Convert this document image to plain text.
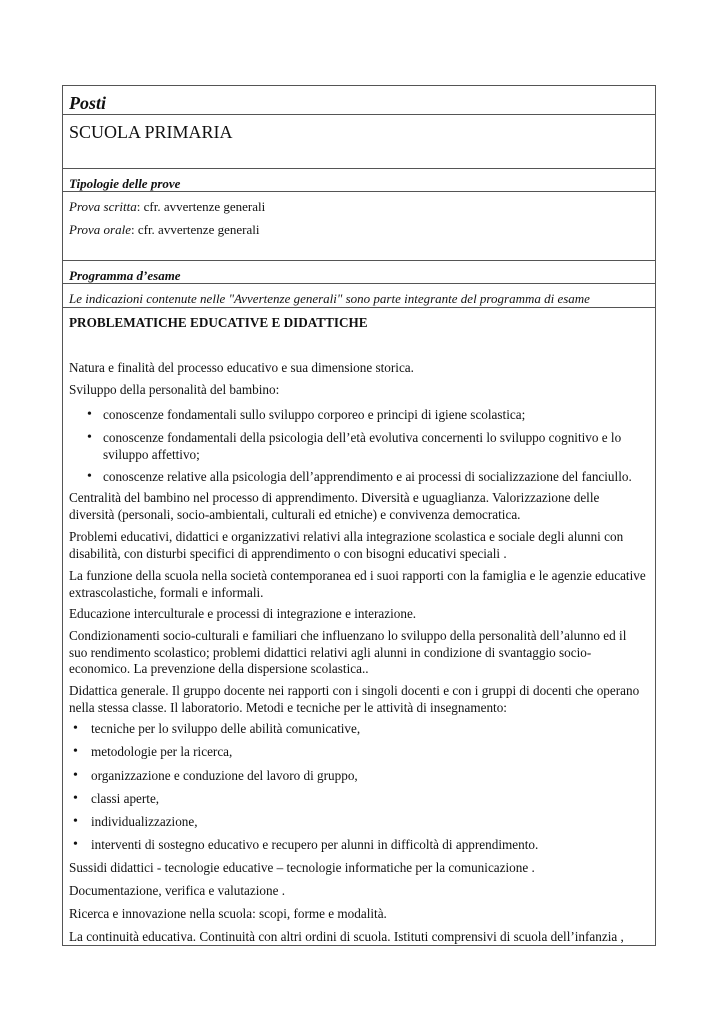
Posti
SCUOLA PRIMARIA
Tipologie delle prove
Prova scritta: cfr. avvertenze generali
Prova orale: cfr. avvertenze generali
Programma d’esame
Le indicazioni contenute nelle "Avvertenze generali" sono parte integrante del programma di esame
PROBLEMATICHE EDUCATIVE E DIDATTICHE
Natura e finalità del processo educativo e sua dimensione storica.
Sviluppo della personalità del bambino:
• conoscenze fondamentali sullo sviluppo corporeo e principi di igiene scolastica;
• conoscenze fondamentali della psicologia dell’età evolutiva concernenti lo sviluppo cognitivo e lo sviluppo affettivo;
• conoscenze relative alla psicologia dell’apprendimento e ai processi di socializzazione del fanciullo.
Centralità del bambino nel processo di apprendimento. Diversità e uguaglianza. Valorizzazione delle diversità (personali, socio-ambientali, culturali ed etniche) e convivenza democratica.
Problemi educativi, didattici e organizzativi relativi alla integrazione scolastica e sociale degli alunni con disabilità, con disturbi specifici di apprendimento o con bisogni educativi speciali .
La funzione della scuola nella società contemporanea ed i suoi rapporti con la famiglia e le agenzie educative extrascolastiche, formali e informali.
Educazione interculturale e processi di integrazione e interazione.
Condizionamenti socio-culturali e familiari che influenzano lo sviluppo della personalità dell’alunno ed il suo rendimento scolastico; problemi didattici relativi agli alunni in condizione di svantaggio socio-economico. La prevenzione della dispersione scolastica..
Didattica generale. Il gruppo docente nei rapporti con i singoli docenti e con i gruppi di docenti che operano nella stessa classe. Il laboratorio. Metodi e tecniche per le attività di insegnamento:
• tecniche per lo sviluppo delle abilità comunicative,
• metodologie per la ricerca,
• organizzazione e conduzione del lavoro di gruppo,
• classi aperte,
• individualizzazione,
• interventi di sostegno educativo e recupero per alunni in difficoltà di apprendimento.
Sussidi didattici - tecnologie educative – tecnologie informatiche per la comunicazione .
Documentazione, verifica e valutazione .
Ricerca e innovazione nella scuola: scopi, forme e modalità.
La continuità educativa. Continuità con altri ordini di scuola. Istituti comprensivi di scuola dell’infanzia ,
